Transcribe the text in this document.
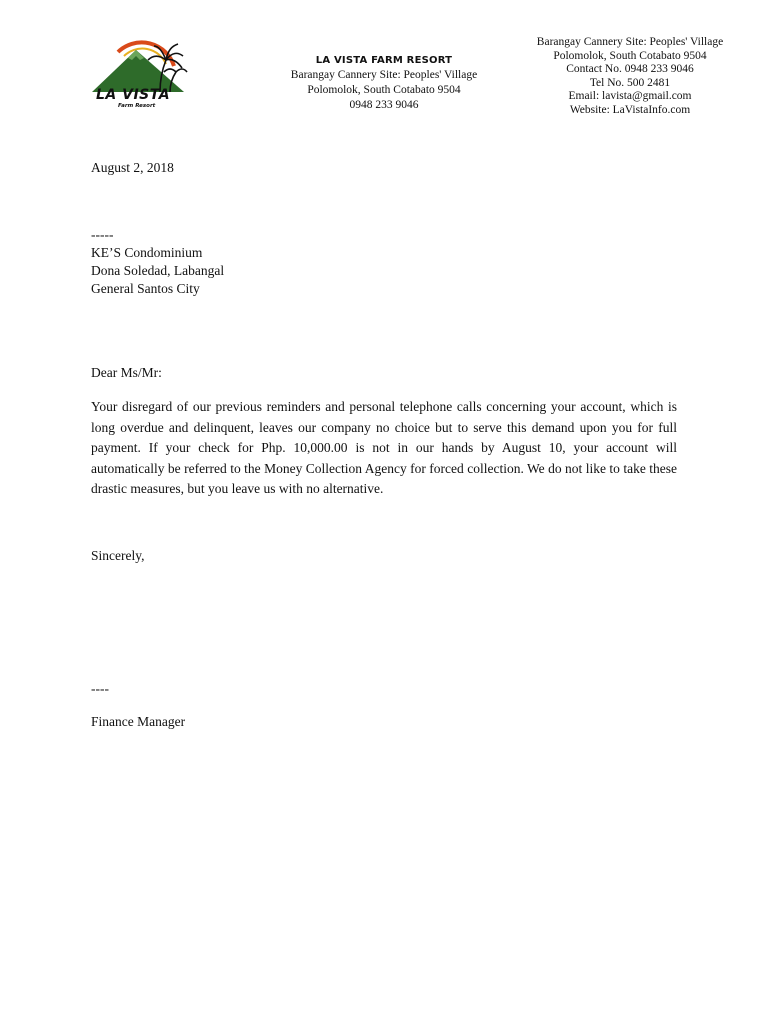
LA VISTA
Farm Resort
LA VISTA FARM RESORT
Barangay Cannery Site: Peoples' Village
Polomolok, South Cotabato 9504
0948 233 9046
Barangay Cannery Site: Peoples' Village
Polomolok, South Cotabato 9504
Contact No. 0948 233 9046
Tel No. 500 2481
Email: lavista@gmail.com
Website: LaVistaInfo.com
August 2, 2018
-----
KE’S Condominium
Dona Soledad, Labangal
General Santos City
Dear Ms/Mr:
Your disregard of our previous reminders and personal telephone calls concerning your account, which is long overdue and delinquent, leaves our company no choice but to serve this demand upon you for full payment. If your check for Php. 10,000.00 is not in our hands by August 10, your account will automatically be referred to the Money Collection Agency for forced collection. We do not like to take these drastic measures, but you leave us with no alternative.
Sincerely,
----
Finance Manager
